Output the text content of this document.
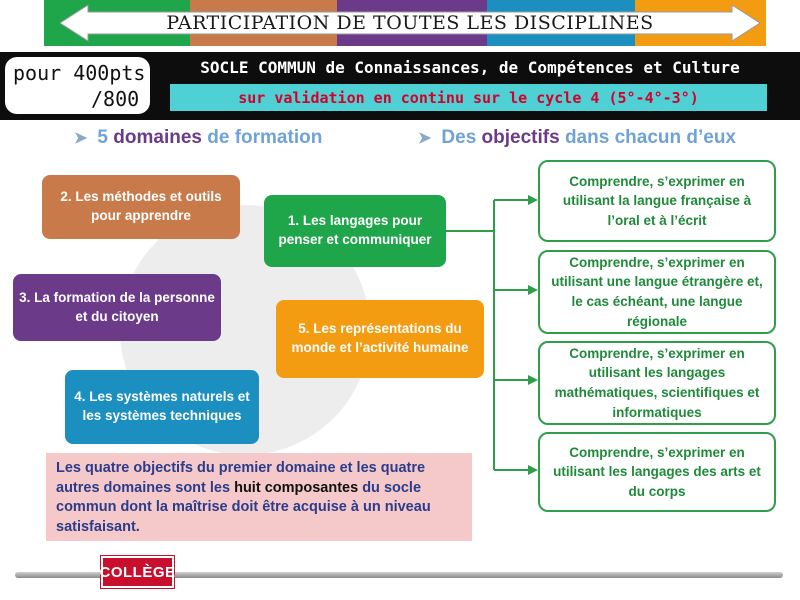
PARTICIPATION DE TOUTES LES DISCIPLINES
pour 400pts
/800
SOCLE COMMUN de Connaissances, de Compétences et Culture
sur validation en continu sur le cycle 4 (5°-4°-3°)
➤ 5 domaines de formation	➤ Des objectifs dans chacun d’eux
2. Les méthodes et outils pour apprendre	1. Les langages pour penser et communiquer
3. La formation de la personne et du citoyen
5. Les représentations du monde et l’activité humaine
4. Les systèmes naturels et les systèmes techniques
Comprendre, s’exprimer en utilisant la langue française à l’oral et à l’écrit
Comprendre, s’exprimer en utilisant une langue étrangère et, le cas échéant, une langue régionale
Comprendre, s’exprimer en utilisant les langages mathématiques, scientifiques et informatiques
Comprendre, s’exprimer en utilisant les langages des arts et du corps
Les quatre objectifs du premier domaine et les quatre autres domaines sont les huit composantes du socle commun dont la maîtrise doit être acquise à un niveau satisfaisant.
COLLÈGE
